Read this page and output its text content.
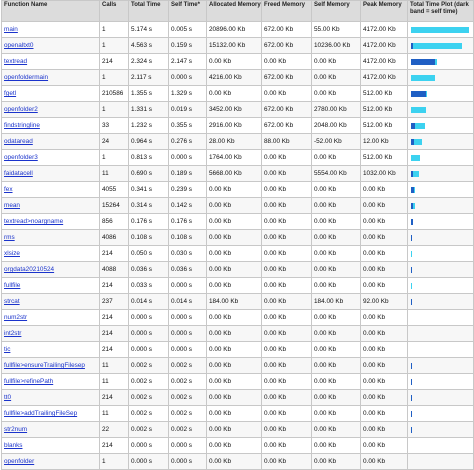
Function Name	Calls	Total Time	Self Time*	Allocated Memory	Freed Memory	Self Memory	Peak Memory	Total Time Plot (dark band = self time)
main	1	5.174 s	0.005 s	20896.00 Kb	672.00 Kb	55.00 Kb	4172.00 Kb	

openaltxt0	1	4.563 s	0.159 s	15132.00 Kb	672.00 Kb	10236.00 Kb	4172.00 Kb	

textread	214	2.324 s	2.147 s	0.00 Kb	0.00 Kb	0.00 Kb	4172.00 Kb	

openfoldermain	1	2.117 s	0.000 s	4216.00 Kb	672.00 Kb	0.00 Kb	4172.00 Kb	

fgetl	210586	1.355 s	1.329 s	0.00 Kb	0.00 Kb	0.00 Kb	512.00 Kb	

openfolder2	1	1.331 s	0.019 s	3452.00 Kb	672.00 Kb	2780.00 Kb	512.00 Kb	

findstringline	33	1.232 s	0.355 s	2916.00 Kb	672.00 Kb	2048.00 Kb	512.00 Kb	

odataread	24	0.964 s	0.276 s	28.00 Kb	88.00 Kb	-52.00 Kb	12.00 Kb	

openfolder3	1	0.813 s	0.000 s	1764.00 Kb	0.00 Kb	0.00 Kb	512.00 Kb	

faidatacell	11	0.690 s	0.189 s	5668.00 Kb	0.00 Kb	5554.00 Kb	1032.00 Kb	

fex	4055	0.341 s	0.239 s	0.00 Kb	0.00 Kb	0.00 Kb	0.00 Kb	

mean	15264	0.314 s	0.142 s	0.00 Kb	0.00 Kb	0.00 Kb	0.00 Kb	

textread>noargname	856	0.176 s	0.176 s	0.00 Kb	0.00 Kb	0.00 Kb	0.00 Kb	

rms	4086	0.108 s	0.108 s	0.00 Kb	0.00 Kb	0.00 Kb	0.00 Kb	

xlsize	214	0.050 s	0.030 s	0.00 Kb	0.00 Kb	0.00 Kb	0.00 Kb	

orgdata20210524	4088	0.036 s	0.036 s	0.00 Kb	0.00 Kb	0.00 Kb	0.00 Kb	

fullfile	214	0.033 s	0.000 s	0.00 Kb	0.00 Kb	0.00 Kb	0.00 Kb	

strcat	237	0.014 s	0.014 s	184.00 Kb	0.00 Kb	184.00 Kb	92.00 Kb	

num2str	214	0.000 s	0.000 s	0.00 Kb	0.00 Kb	0.00 Kb	0.00 Kb	

int2str	214	0.000 s	0.000 s	0.00 Kb	0.00 Kb	0.00 Kb	0.00 Kb	

tic	214	0.000 s	0.000 s	0.00 Kb	0.00 Kb	0.00 Kb	0.00 Kb	

fullfile>ensureTrailingFilesep	11	0.002 s	0.002 s	0.00 Kb	0.00 Kb	0.00 Kb	0.00 Kb	

fullfile>refinePath	11	0.002 s	0.002 s	0.00 Kb	0.00 Kb	0.00 Kb	0.00 Kb	

tt0	214	0.002 s	0.002 s	0.00 Kb	0.00 Kb	0.00 Kb	0.00 Kb	

fullfile>addTrailingFileSep	11	0.002 s	0.002 s	0.00 Kb	0.00 Kb	0.00 Kb	0.00 Kb	

str2num	22	0.002 s	0.002 s	0.00 Kb	0.00 Kb	0.00 Kb	0.00 Kb	

blanks	214	0.000 s	0.000 s	0.00 Kb	0.00 Kb	0.00 Kb	0.00 Kb	

openfolder	1	0.000 s	0.000 s	0.00 Kb	0.00 Kb	0.00 Kb	0.00 Kb	
